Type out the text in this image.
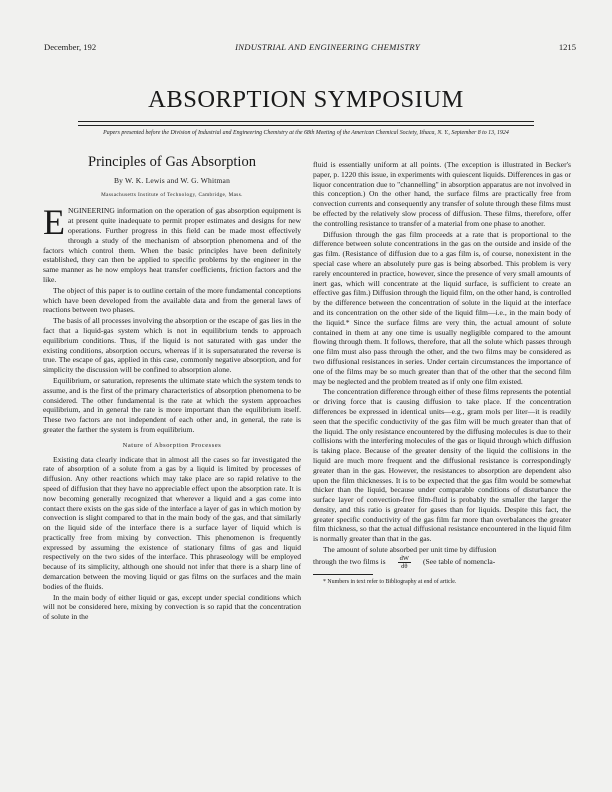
December, 192	INDUSTRIAL AND ENGINEERING CHEMISTRY	1215
ABSORPTION SYMPOSIUM
Papers presented before the Division of Industrial and Engineering Chemistry at the 68th Meeting of the American Chemical Society, Ithaca, N. Y., September 8 to 13, 1924
Principles of Gas Absorption
By W. K. Lewis and W. G. Whitman
Massachusetts Institute of Technology, Cambridge, Mass.

ENGINEERING information on the operation of gas absorption equipment is at present quite inadequate to permit proper estimates and designs for new operations. Further progress in this field can be made most effectively through a study of the mechanism of absorption phenomena and of the factors which control them. When the basic principles have been definitely established, they can then be applied to specific problems by the engineer in the same manner as he now employs heat transfer coefficients, friction factors and the like.

The object of this paper is to outline certain of the more fundamental conceptions which have been developed from the available data and from the general laws of reactions between two phases.

The basis of all processes involving the absorption or the escape of gas lies in the fact that a liquid-gas system which is not in equilibrium tends to approach equilibrium conditions. Thus, if the liquid is not saturated with gas under the existing conditions, absorption occurs, whereas if it is supersaturated the reverse is true. The escape of gas, applied in this case, commonly negative absorption, and for simplicity the discussion will be confined to absorption alone.

Equilibrium, or saturation, represents the ultimate state which the system tends to assume, and is the first of the primary characteristics of absorption phenomena to be considered. The other fundamental is the rate at which the system approaches equilibrium, and in general the rate is more important than the equilibrium itself. These two factors are not independent of each other and, in general, the rate is greater the farther the system is from equilibrium.

Nature of Absorption Processes

Existing data clearly indicate that in almost all the cases so far investigated the rate of absorption of a solute from a gas by a liquid is limited by processes of diffusion. Any other reactions which may take place are so rapid relative to the speed of diffusion that they have no appreciable effect upon the absorption rate. It is now becoming generally recognized that wherever a liquid and a gas come into contact there exists on the gas side of the interface a layer of gas in which motion by convection is slight compared to that in the main body of the gas, and that similarly on the liquid side of the interface there is a surface layer of liquid which is practically free from mixing by convection. This phenomenon is frequently expressed by assuming the existence of stationary films of gas and liquid respectively on the two sides of the interface. This phraseology will be employed because of its simplicity, although one should not infer that there is a sharp line of demarcation between the moving liquid or gas films on the surfaces and the main bodies of the fluids.

In the main body of either liquid or gas, except under special conditions which will not be considered here, mixing by convection is so rapid that the concentration of solute in the

fluid is essentially uniform at all points. (The exception is illustrated in Becker's paper, p. 1220 this issue, in experiments with quiescent liquids. Differences in gas or liquor concentration due to "channelling" in absorption apparatus are not involved in this conception.) On the other hand, the surface films are practically free from convection currents and consequently any transfer of solute through these films must be effected by the relatively slow process of diffusion. These films, therefore, offer the controlling resistance to transfer of a material from one phase to another.

Diffusion through the gas film proceeds at a rate that is proportional to the difference between solute concentrations in the gas on the outside and inside of the gas film. (Resistance of diffusion due to a gas film is, of course, nonexistent in the special case where an absolutely pure gas is being absorbed. This problem is very rarely encountered in practice, however, since the presence of very small amounts of inert gas, which will concentrate at the liquid surface, is sufficient to create an effective gas film.) Diffusion through the liquid film, on the other hand, is controlled by the difference between the concentration of solute in the liquid at the interface and its concentration on the other side of the liquid film—i.e., in the main body of the liquid.* Since the surface films are very thin, the actual amount of solute contained in them at any one time is usually negligible compared to the amount flowing through them. It follows, therefore, that all the solute which passes through one film must also pass through the other, and the two films may be considered as two diffusional resistances in series. Under certain circumstances the importance of one of the films may be so much greater than that of the other that the second film may be neglected and the problem treated as if only one film existed.

The concentration difference through either of these films represents the potential or driving force that is causing diffusion to take place. If the concentration differences be expressed in identical units—e.g., gram mols per liter—it is readily seen that the specific conductivity of the gas film will be much greater than that of the liquid. The only resistance encountered by the diffusing molecules is due to their collisions with the interfering molecules of the gas or liquid through which diffusion is taking place. Because of the greater density of the liquid the collisions in the liquid are much more frequent and the diffusional resistance is correspondingly greater than in the gas. However, the resistances to absorption are dependent also upon the film thicknesses. It is to be expected that the gas film would be somewhat thicker than the liquid, because under comparable conditions of disturbance the surface layer of convection-free film-fluid is probably the smaller the larger the density, and this ratio is greater for gases than for liquids. Despite this fact, the greater specific conductivity of the gas film far more than overbalances the greater film thickness, so that the actual diffusional resistance encountered in the liquid film is normally greater than that in the gas.

The amount of solute absorbed per unit time by diffusion

through the two films is $\frac{dW}{d\theta} (See$ table of nomencla-
* Numbers in text refer to Bibliography at end of article.
